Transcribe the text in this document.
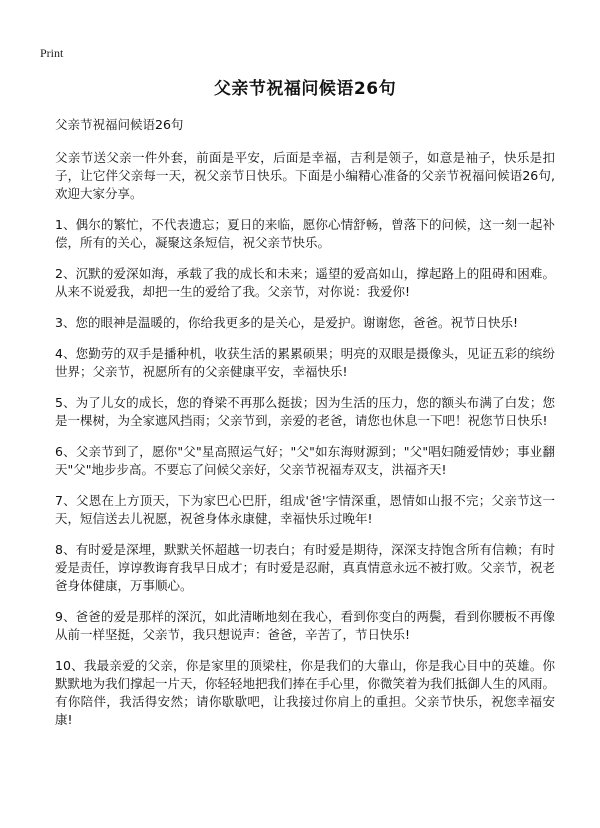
Print
父亲节祝福问候语26句

父亲节祝福问候语26句

父亲节送父亲一件外套，前面是平安，后面是幸福，吉利是领子，如意是袖子，快乐是扣子，让它伴父亲每一天，祝父亲节日快乐。下面是小编精心准备的父亲节祝福问候语26句,欢迎大家分享。

1、偶尔的繁忙，不代表遗忘；夏日的来临，愿你心情舒畅，曾落下的问候，这一刻一起补偿，所有的关心，凝聚这条短信，祝父亲节快乐。

2、沉默的爱深如海，承载了我的成长和未来；遥望的爱高如山，撑起路上的阻碍和困难。从来不说爱我，却把一生的爱给了我。父亲节，对你说：我爱你!

3、您的眼神是温暖的，你给我更多的是关心，是爱护。谢谢您，爸爸。祝节日快乐!

4、您勤劳的双手是播种机，收获生活的累累硕果；明亮的双眼是摄像头，见证五彩的缤纷世界；父亲节，祝愿所有的父亲健康平安，幸福快乐!

5、为了儿女的成长，您的脊梁不再那么挺拔；因为生活的压力，您的额头布满了白发；您是一棵树，为全家遮风挡雨；父亲节到，亲爱的老爸，请您也休息一下吧！祝您节日快乐!

6、父亲节到了，愿你"父"星高照运气好；"父"如东海财源到；"父"唱妇随爱情妙；事业翻天"父"地步步高。不要忘了问候父亲好，父亲节祝福寿双支，洪福齐天!

7、父恩在上方顶天，下为家巴心巴肝，组成'爸'字情深重，恩情如山报不完；父亲节这一天，短信送去儿祝愿，祝爸身体永康健，幸福快乐过晚年!

8、有时爱是深埋，默默关怀超越一切表白；有时爱是期待，深深支持饱含所有信赖；有时爱是责任，谆谆教诲育我早日成才；有时爱是忍耐，真真情意永远不被打败。父亲节，祝老爸身体健康，万事顺心。

9、爸爸的爱是那样的深沉，如此清晰地刻在我心，看到你变白的两鬓，看到你腰板不再像从前一样坚挺，父亲节，我只想说声：爸爸，辛苦了，节日快乐!

10、我最亲爱的父亲，你是家里的顶梁柱，你是我们的大靠山，你是我心目中的英雄。你默默地为我们撑起一片天，你轻轻地把我们捧在手心里，你微笑着为我们抵御人生的风雨。有你陪伴，我活得安然；请你歇歇吧，让我接过你肩上的重担。父亲节快乐，祝您幸福安康!
